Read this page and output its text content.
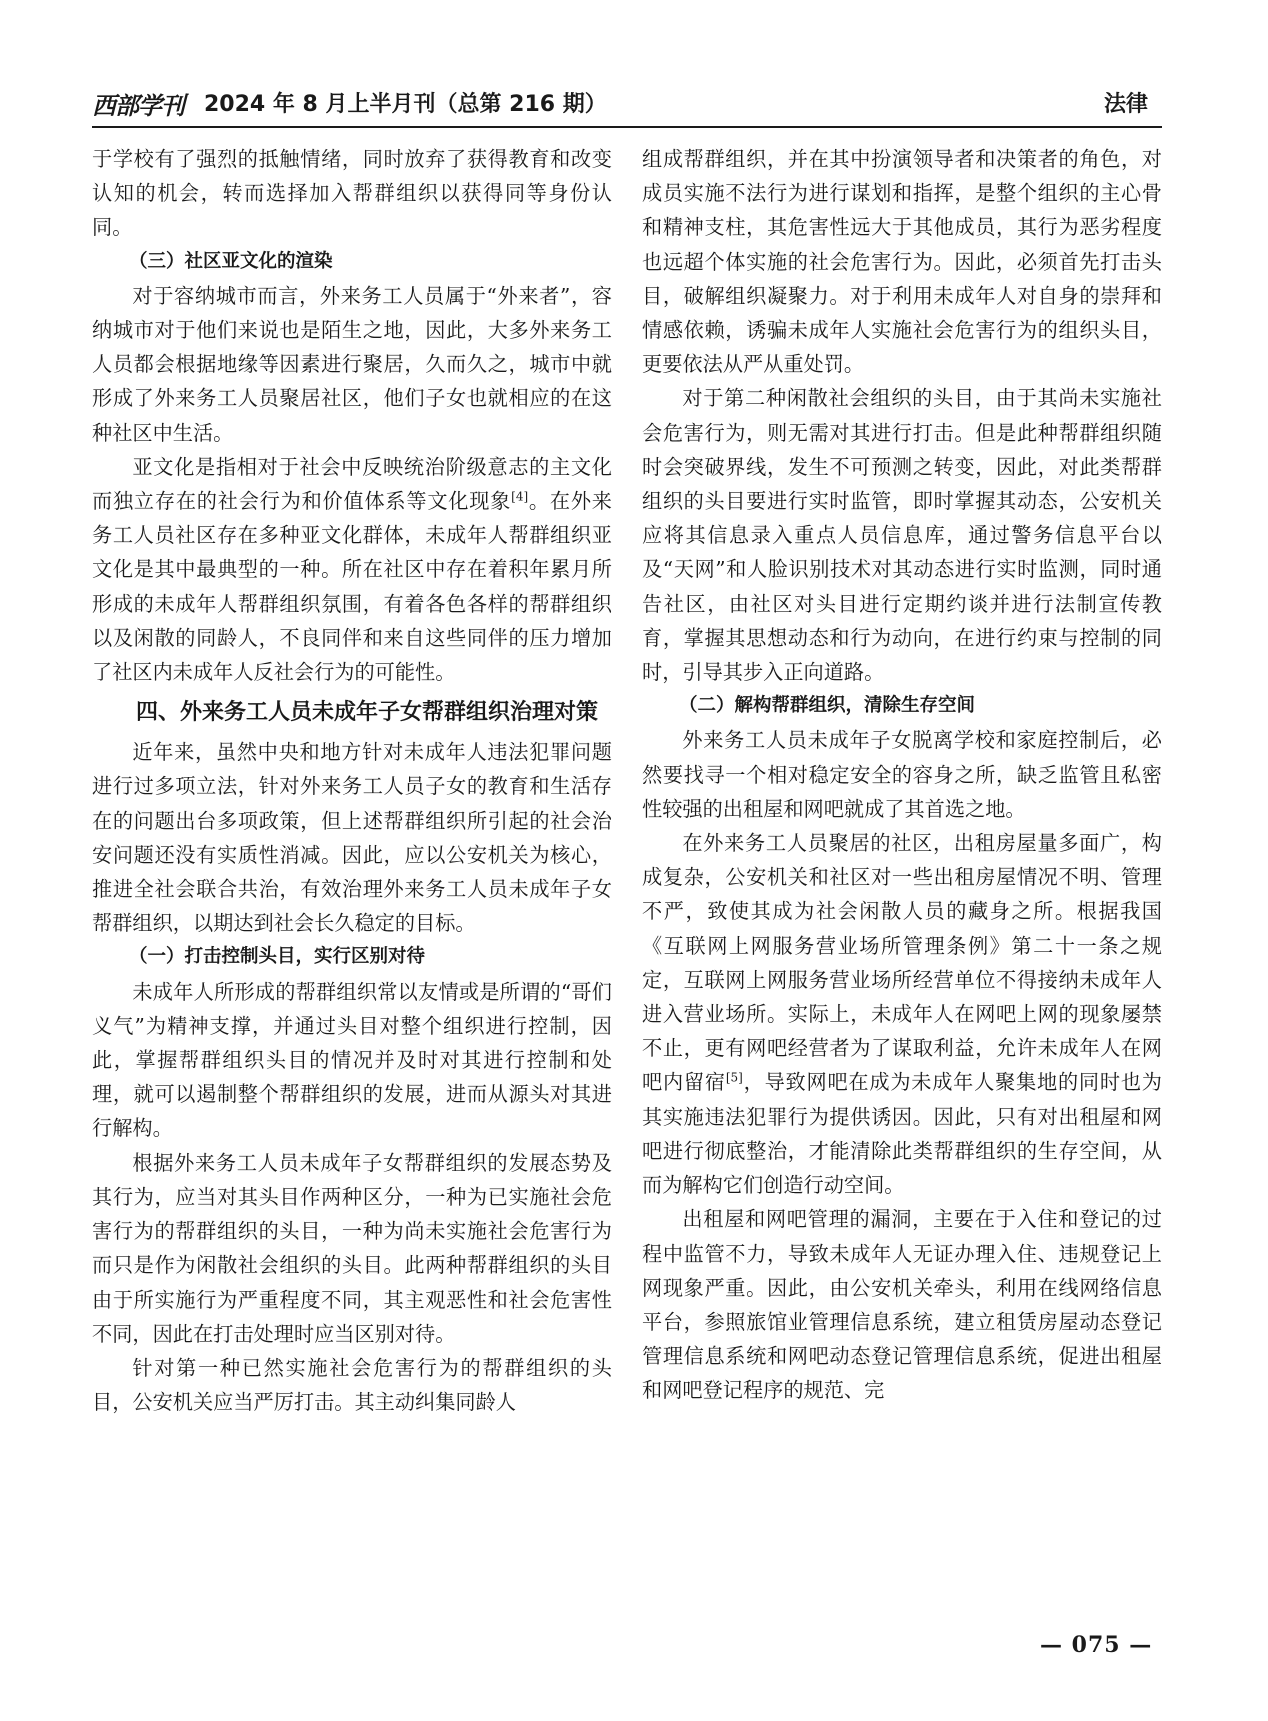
西部学刊 2024 年 8 月上半月刊（总第 216 期）	法律

于学校有了强烈的抵触情绪，同时放弃了获得教育和改变认知的机会，转而选择加入帮群组织以获得同等身份认同。

（三）社区亚文化的渲染

对于容纳城市而言，外来务工人员属于“外来者”，容纳城市对于他们来说也是陌生之地，因此，大多外来务工人员都会根据地缘等因素进行聚居，久而久之，城市中就形成了外来务工人员聚居社区，他们子女也就相应的在这种社区中生活。

亚文化是指相对于社会中反映统治阶级意志的主文化而独立存在的社会行为和价值体系等文化现象[4]。在外来务工人员社区存在多种亚文化群体，未成年人帮群组织亚文化是其中最典型的一种。所在社区中存在着积年累月所形成的未成年人帮群组织氛围，有着各色各样的帮群组织以及闲散的同龄人，不良同伴和来自这些同伴的压力增加了社区内未成年人反社会行为的可能性。

四、外来务工人员未成年子女帮群组织治理对策

近年来，虽然中央和地方针对未成年人违法犯罪问题进行过多项立法，针对外来务工人员子女的教育和生活存在的问题出台多项政策，但上述帮群组织所引起的社会治安问题还没有实质性消减。因此，应以公安机关为核心，推进全社会联合共治，有效治理外来务工人员未成年子女帮群组织，以期达到社会长久稳定的目标。

（一）打击控制头目，实行区别对待

未成年人所形成的帮群组织常以友情或是所谓的“哥们义气”为精神支撑，并通过头目对整个组织进行控制，因此，掌握帮群组织头目的情况并及时对其进行控制和处理，就可以遏制整个帮群组织的发展，进而从源头对其进行解构。

根据外来务工人员未成年子女帮群组织的发展态势及其行为，应当对其头目作两种区分，一种为已实施社会危害行为的帮群组织的头目，一种为尚未实施社会危害行为而只是作为闲散社会组织的头目。此两种帮群组织的头目由于所实施行为严重程度不同，其主观恶性和社会危害性不同，因此在打击处理时应当区别对待。

针对第一种已然实施社会危害行为的帮群组织的头目，公安机关应当严厉打击。其主动纠集同龄人

组成帮群组织，并在其中扮演领导者和决策者的角色，对成员实施不法行为进行谋划和指挥，是整个组织的主心骨和精神支柱，其危害性远大于其他成员，其行为恶劣程度也远超个体实施的社会危害行为。因此，必须首先打击头目，破解组织凝聚力。对于利用未成年人对自身的崇拜和情感依赖，诱骗未成年人实施社会危害行为的组织头目，更要依法从严从重处罚。

对于第二种闲散社会组织的头目，由于其尚未实施社会危害行为，则无需对其进行打击。但是此种帮群组织随时会突破界线，发生不可预测之转变，因此，对此类帮群组织的头目要进行实时监管，即时掌握其动态，公安机关应将其信息录入重点人员信息库，通过警务信息平台以及“天网”和人脸识别技术对其动态进行实时监测，同时通告社区，由社区对头目进行定期约谈并进行法制宣传教育，掌握其思想动态和行为动向，在进行约束与控制的同时，引导其步入正向道路。

（二）解构帮群组织，清除生存空间

外来务工人员未成年子女脱离学校和家庭控制后，必然要找寻一个相对稳定安全的容身之所，缺乏监管且私密性较强的出租屋和网吧就成了其首选之地。

在外来务工人员聚居的社区，出租房屋量多面广，构成复杂，公安机关和社区对一些出租房屋情况不明、管理不严，致使其成为社会闲散人员的藏身之所。根据我国《互联网上网服务营业场所管理条例》第二十一条之规定，互联网上网服务营业场所经营单位不得接纳未成年人进入营业场所。实际上，未成年人在网吧上网的现象屡禁不止，更有网吧经营者为了谋取利益，允许未成年人在网吧内留宿[5]，导致网吧在成为未成年人聚集地的同时也为其实施违法犯罪行为提供诱因。因此，只有对出租屋和网吧进行彻底整治，才能清除此类帮群组织的生存空间，从而为解构它们创造行动空间。

出租屋和网吧管理的漏洞，主要在于入住和登记的过程中监管不力，导致未成年人无证办理入住、违规登记上网现象严重。因此，由公安机关牵头，利用在线网络信息平台，参照旅馆业管理信息系统，建立租赁房屋动态登记管理信息系统和网吧动态登记管理信息系统，促进出租屋和网吧登记程序的规范、完

— 075 —
